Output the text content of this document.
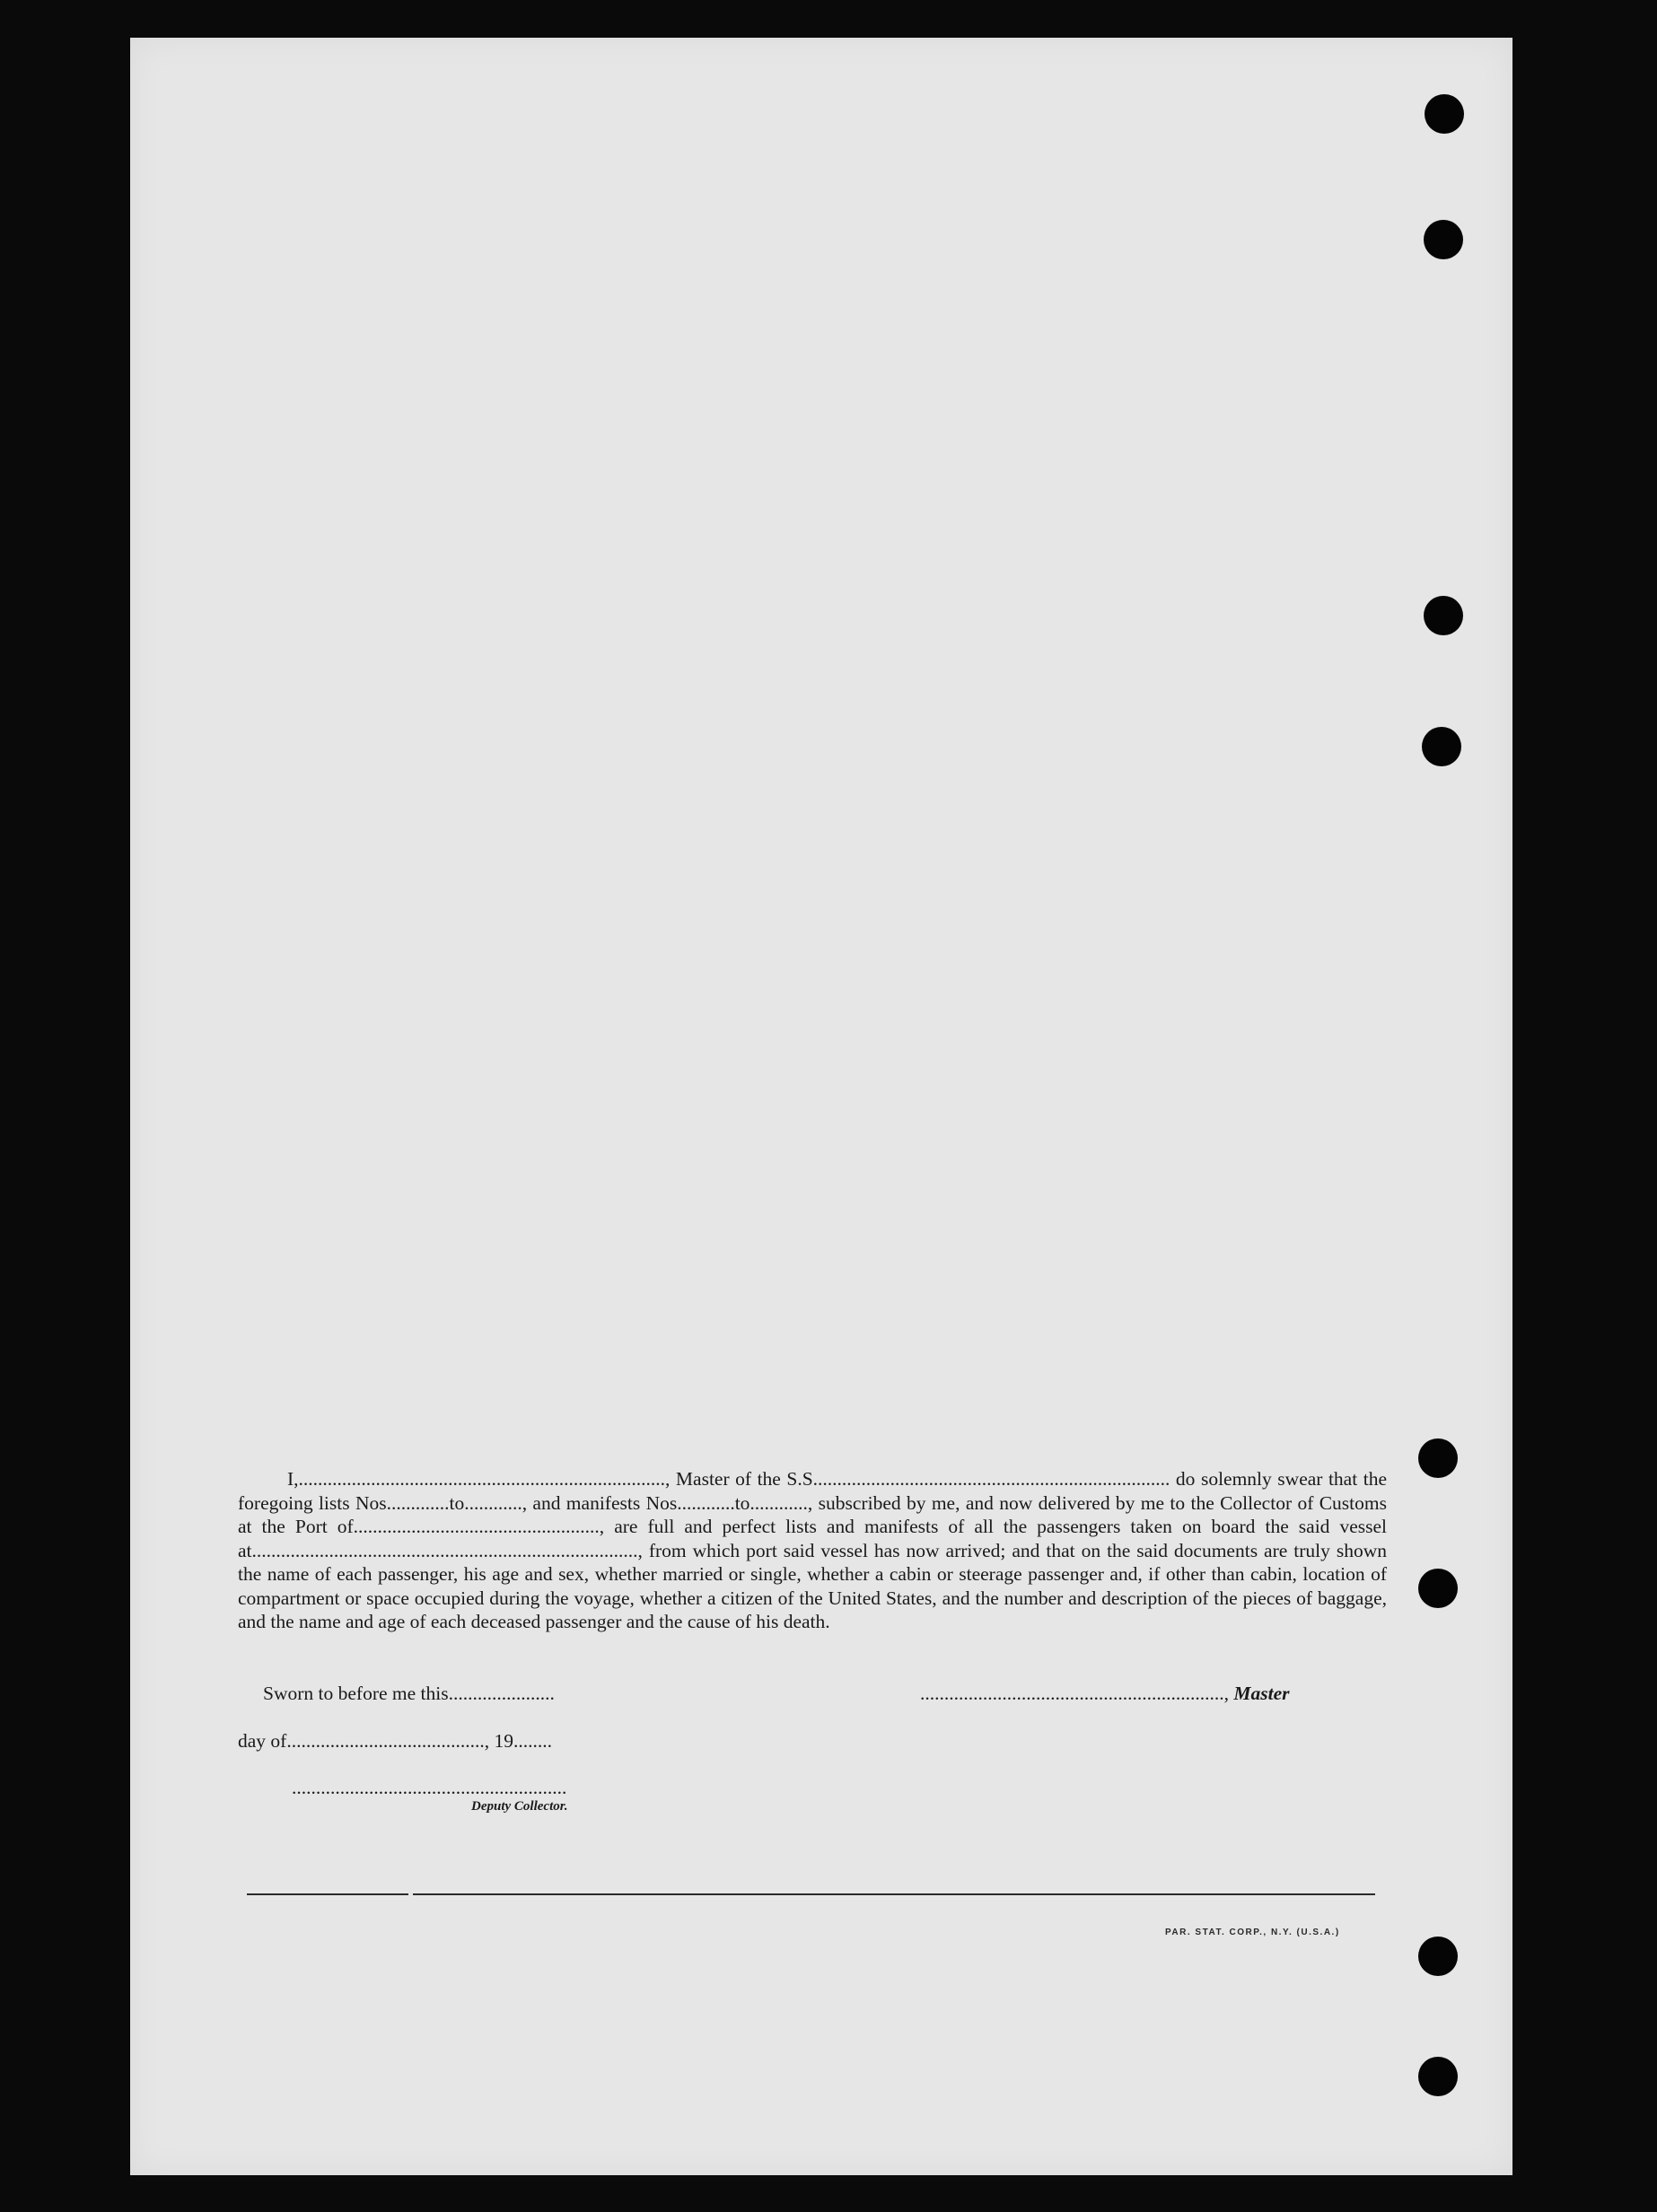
I,............................................................................, Master of the S.S.......................................................................... do solemnly swear that the foregoing lists Nos.............to............, and manifests Nos............to............, subscribed by me, and now delivered by me to the Collector of Customs at the Port of..................................................., are full and perfect lists and manifests of all the passengers taken on board the said vessel at................................................................................, from which port said vessel has now arrived; and that on the said documents are truly shown the name of each passenger, his age and sex, whether married or single, whether a cabin or steerage passenger and, if other than cabin, location of compartment or space occupied during the voyage, whether a citizen of the United States, and the number and description of the pieces of baggage, and the name and age of each deceased passenger and the cause of his death.

Sworn to before me this......................	..............................................................., Master
day of........................................., 19........
.........................................................
Deputy Collector.
PAR. STAT. CORP., N.Y. (U.S.A.)
